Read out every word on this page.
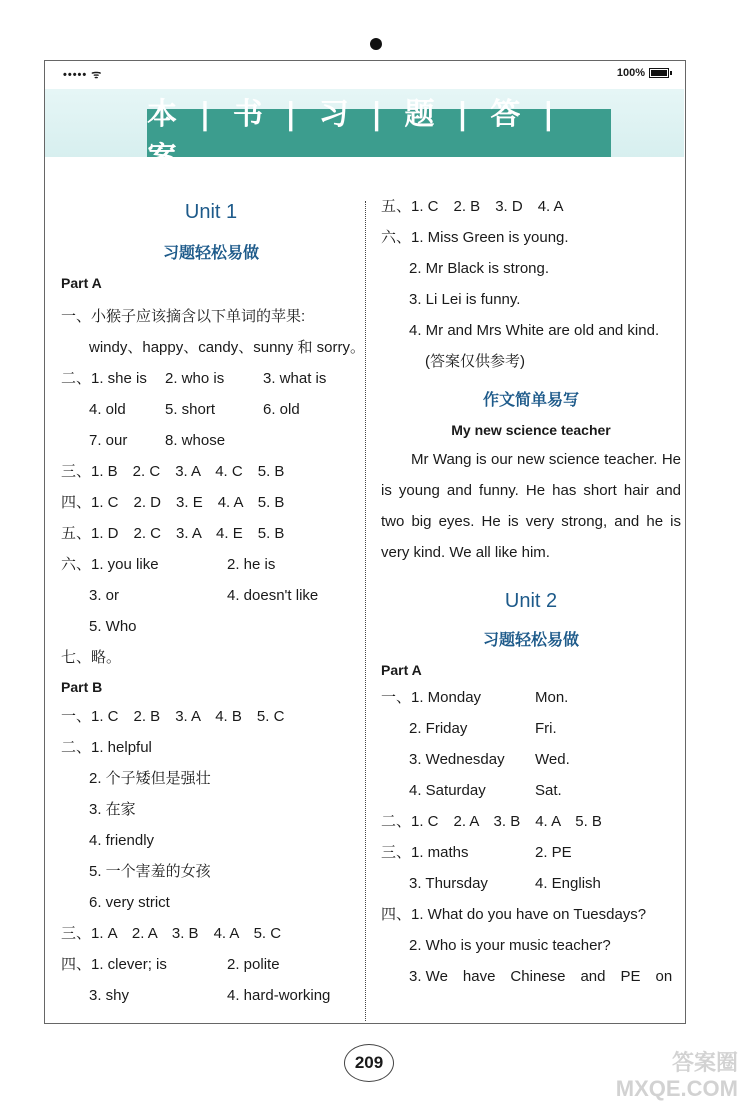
••••• ᯤ	100%
本 | 书 | 习 | 题 | 答 | 案
Unit 1
习题轻松易做
Part A
一、小猴子应该摘含以下单词的苹果:
windy、happy、candy、sunny 和 sorry。
二、1. she is 2. who is	3. what is
4. old	5. short	6. old
7. our	8. whose
三、1. B　2. C　3. A　4. C　5. B
四、1. C　2. D　3. E　4. A　5. B
五、1. D　2. C　3. A　4. E　5. B
六、1. you like	2. he is
3. or	4. doesn't like
5. Who
七、略。
Part B
一、1. C　2. B　3. A　4. B　5. C
二、1. helpful
2. 个子矮但是强壮
3. 在家
4. friendly
5. 一个害羞的女孩
6. very strict
三、1. A　2. A　3. B　4. A　5. C
四、1. clever; is	2. polite
3. shy	4. hard-working
五、1. C　2. B　3. D　4. A
六、1. Miss Green is young.
2. Mr Black is strong.
3. Li Lei is funny.
4. Mr and Mrs White are old and kind.
(答案仅供参考)
作文简单易写
My new science teacher

Mr Wang is our new science teacher. He is young and funny. He has short hair and two big eyes. He is very strong, and he is very kind. We all like him.

Unit 2
习题轻松易做
Part A
一、1. Monday	Mon.
2. Friday	Fri.
3. Wednesday Wed.
4. Saturday	Sat.
二、1. C　2. A　3. B　4. A　5. B
三、1. maths	2. PE
3. Thursday	4. English
四、1. What do you have on Tuesdays?
2. Who is your music teacher?
3. We　have　Chinese　and　PE　on
209	答案圈
MXQE.COM
